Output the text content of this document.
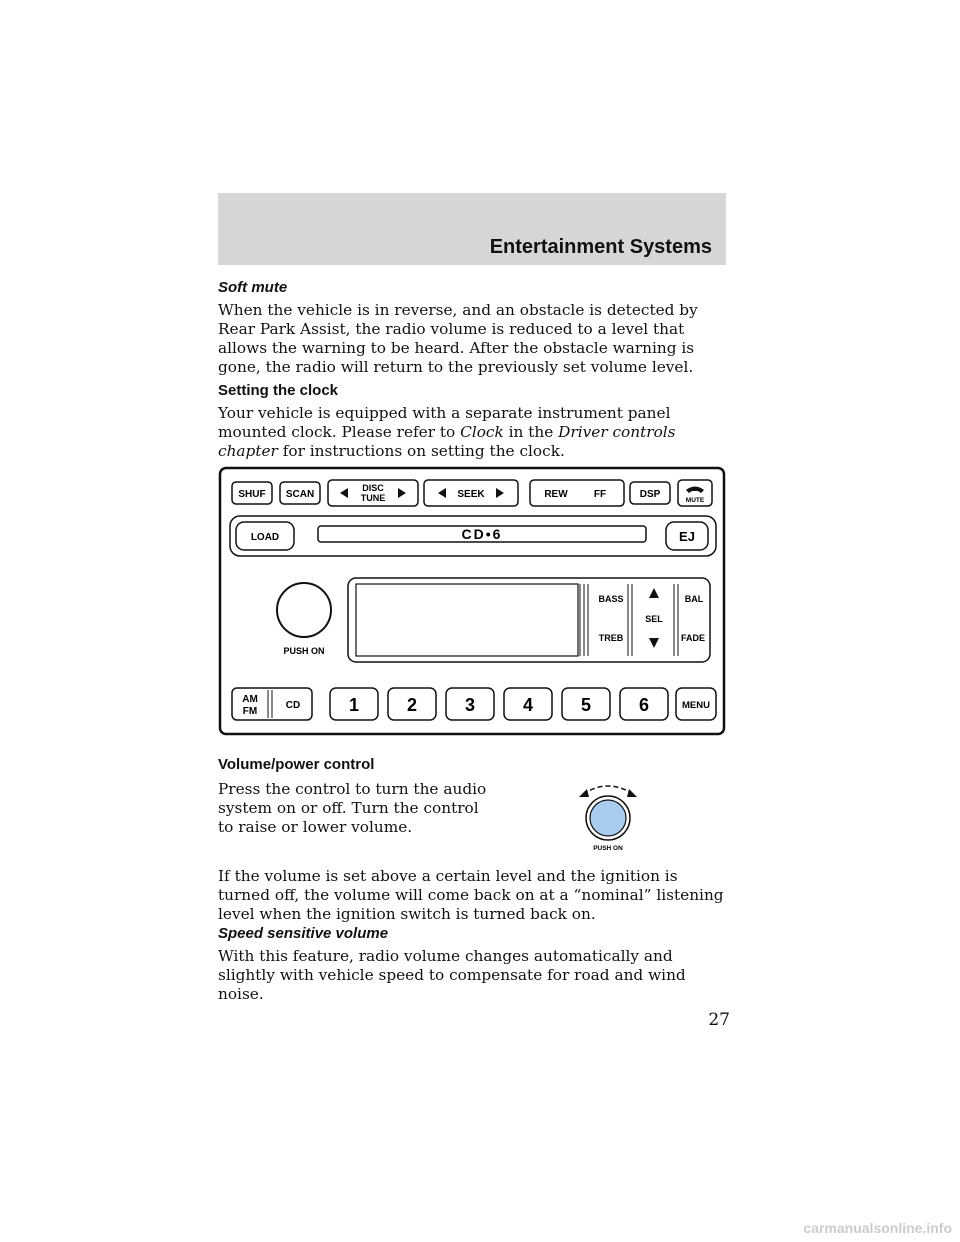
Entertainment Systems
Soft mute

When the vehicle is in reverse, and an obstacle is detected by Rear Park Assist, the radio volume is reduced to a level that allows the warning to be heard. After the obstacle warning is gone, the radio will return to the previously set volume level.

Setting the clock

Your vehicle is equipped with a separate instrument panel mounted clock. Please refer to Clock in the Driver controls chapter for instructions on setting the clock.

SHUF SCAN
DISC
TUNE	SEEK	REW	FF	DSP
MUTE
LOAD	CD•6	EJ
PUSH ON
BASS
TREB
SEL
BAL
FADE
AM
FM
CD	1	2	3	4	5	6	MENU
Volume/power control

Press the control to turn the audio system on or off. Turn the control to raise or lower volume.

PUSH ON

If the volume is set above a certain level and the ignition is turned off, the volume will come back on at a “nominal” listening level when the ignition switch is turned back on.

Speed sensitive volume

With this feature, radio volume changes automatically and slightly with vehicle speed to compensate for road and wind noise.

27
carmanualsonline.info
